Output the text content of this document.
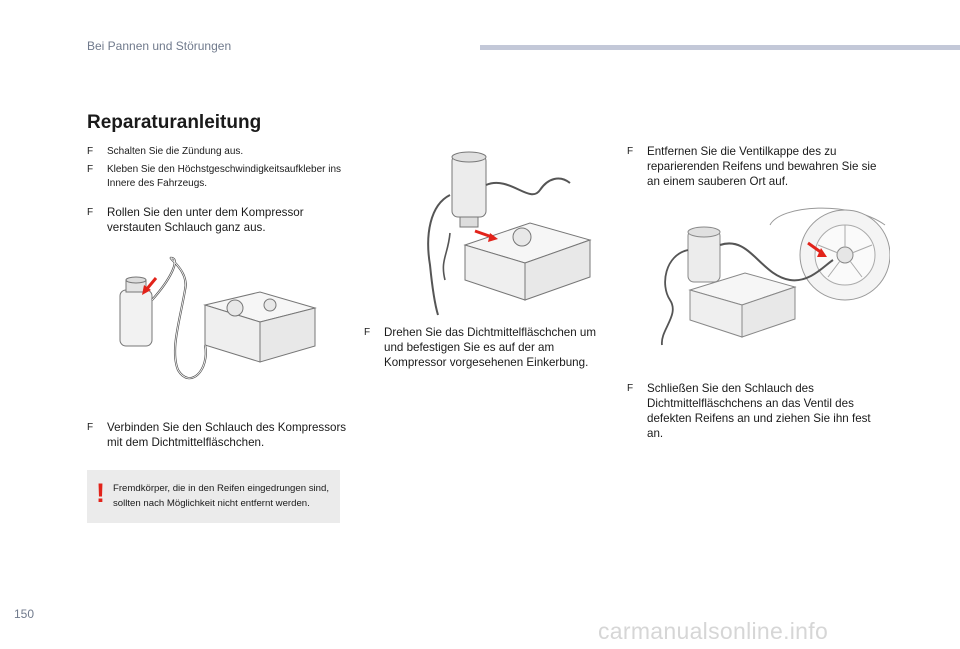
Bei Pannen und Störungen
Reparaturanleitung
F	Schalten Sie die Zündung aus.
F	Kleben Sie den Höchstgeschwindigkeitsaufkleber ins Innere des Fahrzeugs.
F	Rollen Sie den unter dem Kompressor verstauten Schlauch ganz aus.
F	Verbinden Sie den Schlauch des Kompressors mit dem Dichtmittelfläschchen.
! Fremdkörper, die in den Reifen eingedrungen sind, sollten nach Möglichkeit nicht entfernt werden.
F	Drehen Sie das Dichtmittelfläschchen um und befestigen Sie es auf der am Kompressor vorgesehenen Einkerbung.
F	Entfernen Sie die Ventilkappe des zu reparierenden Reifens und bewahren Sie sie an einem sauberen Ort auf.
F	Schließen Sie den Schlauch des Dichtmittelfläschchens an das Ventil des defekten Reifens an und ziehen Sie ihn fest an.
150
carmanualsonline.info
